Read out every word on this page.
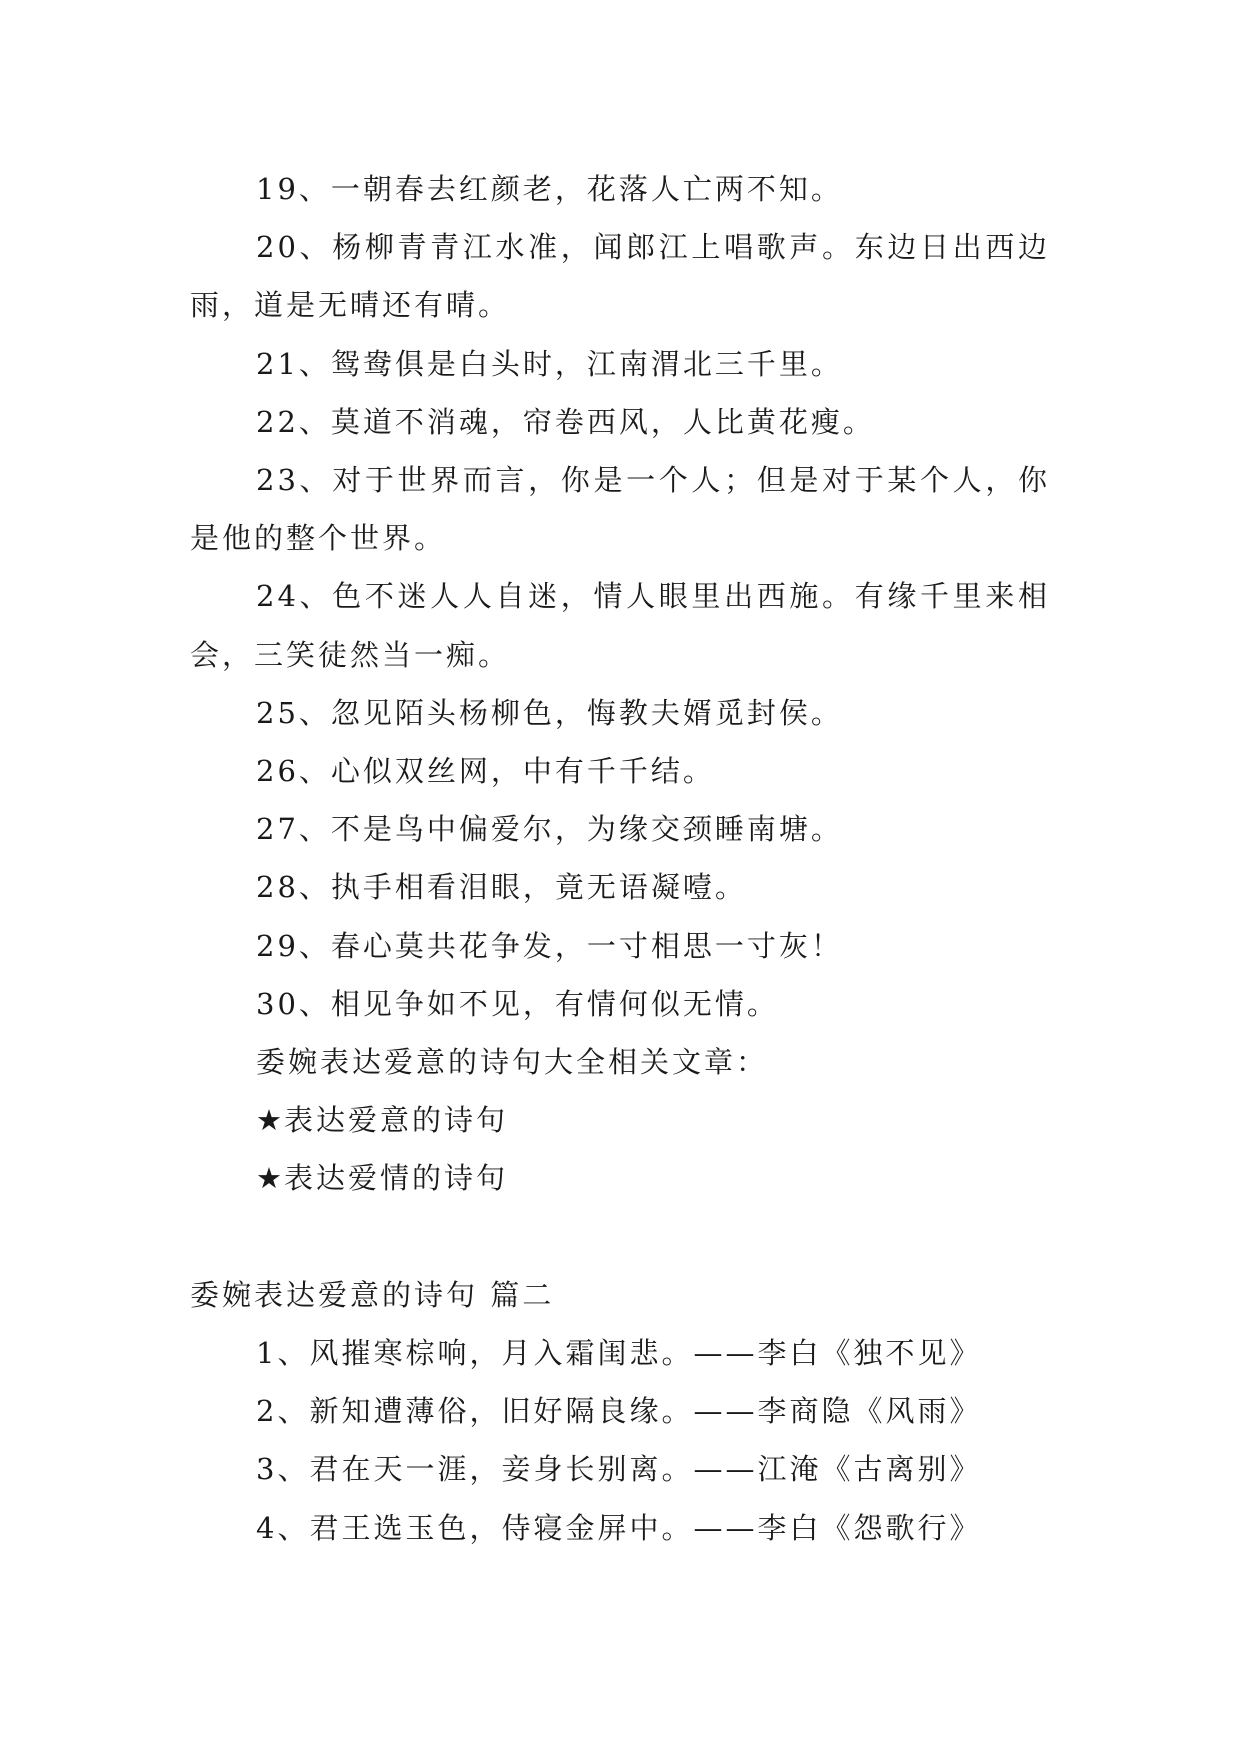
19、一朝春去红颜老，花落人亡两不知。

20、杨柳青青江水准，闻郎江上唱歌声。东边日出西边雨，道是无晴还有晴。

21、鸳鸯俱是白头时，江南渭北三千里。

22、莫道不消魂，帘卷西风，人比黄花瘦。

23、对于世界而言，你是一个人；但是对于某个人，你是他的整个世界。

24、色不迷人人自迷，情人眼里出西施。有缘千里来相会，三笑徒然当一痴。

25、忽见陌头杨柳色，悔教夫婿觅封侯。

26、心似双丝网，中有千千结。

27、不是鸟中偏爱尔，为缘交颈睡南塘。

28、执手相看泪眼，竟无语凝噎。

29、春心莫共花争发，一寸相思一寸灰！

30、相见争如不见，有情何似无情。

委婉表达爱意的诗句大全相关文章：

★表达爱意的诗句

★表达爱情的诗句

委婉表达爱意的诗句 篇二

1、风摧寒棕响，月入霜闺悲。——李白《独不见》

2、新知遭薄俗，旧好隔良缘。——李商隐《风雨》

3、君在天一涯，妾身长别离。——江淹《古离别》

4、君王选玉色，侍寝金屏中。——李白《怨歌行》
